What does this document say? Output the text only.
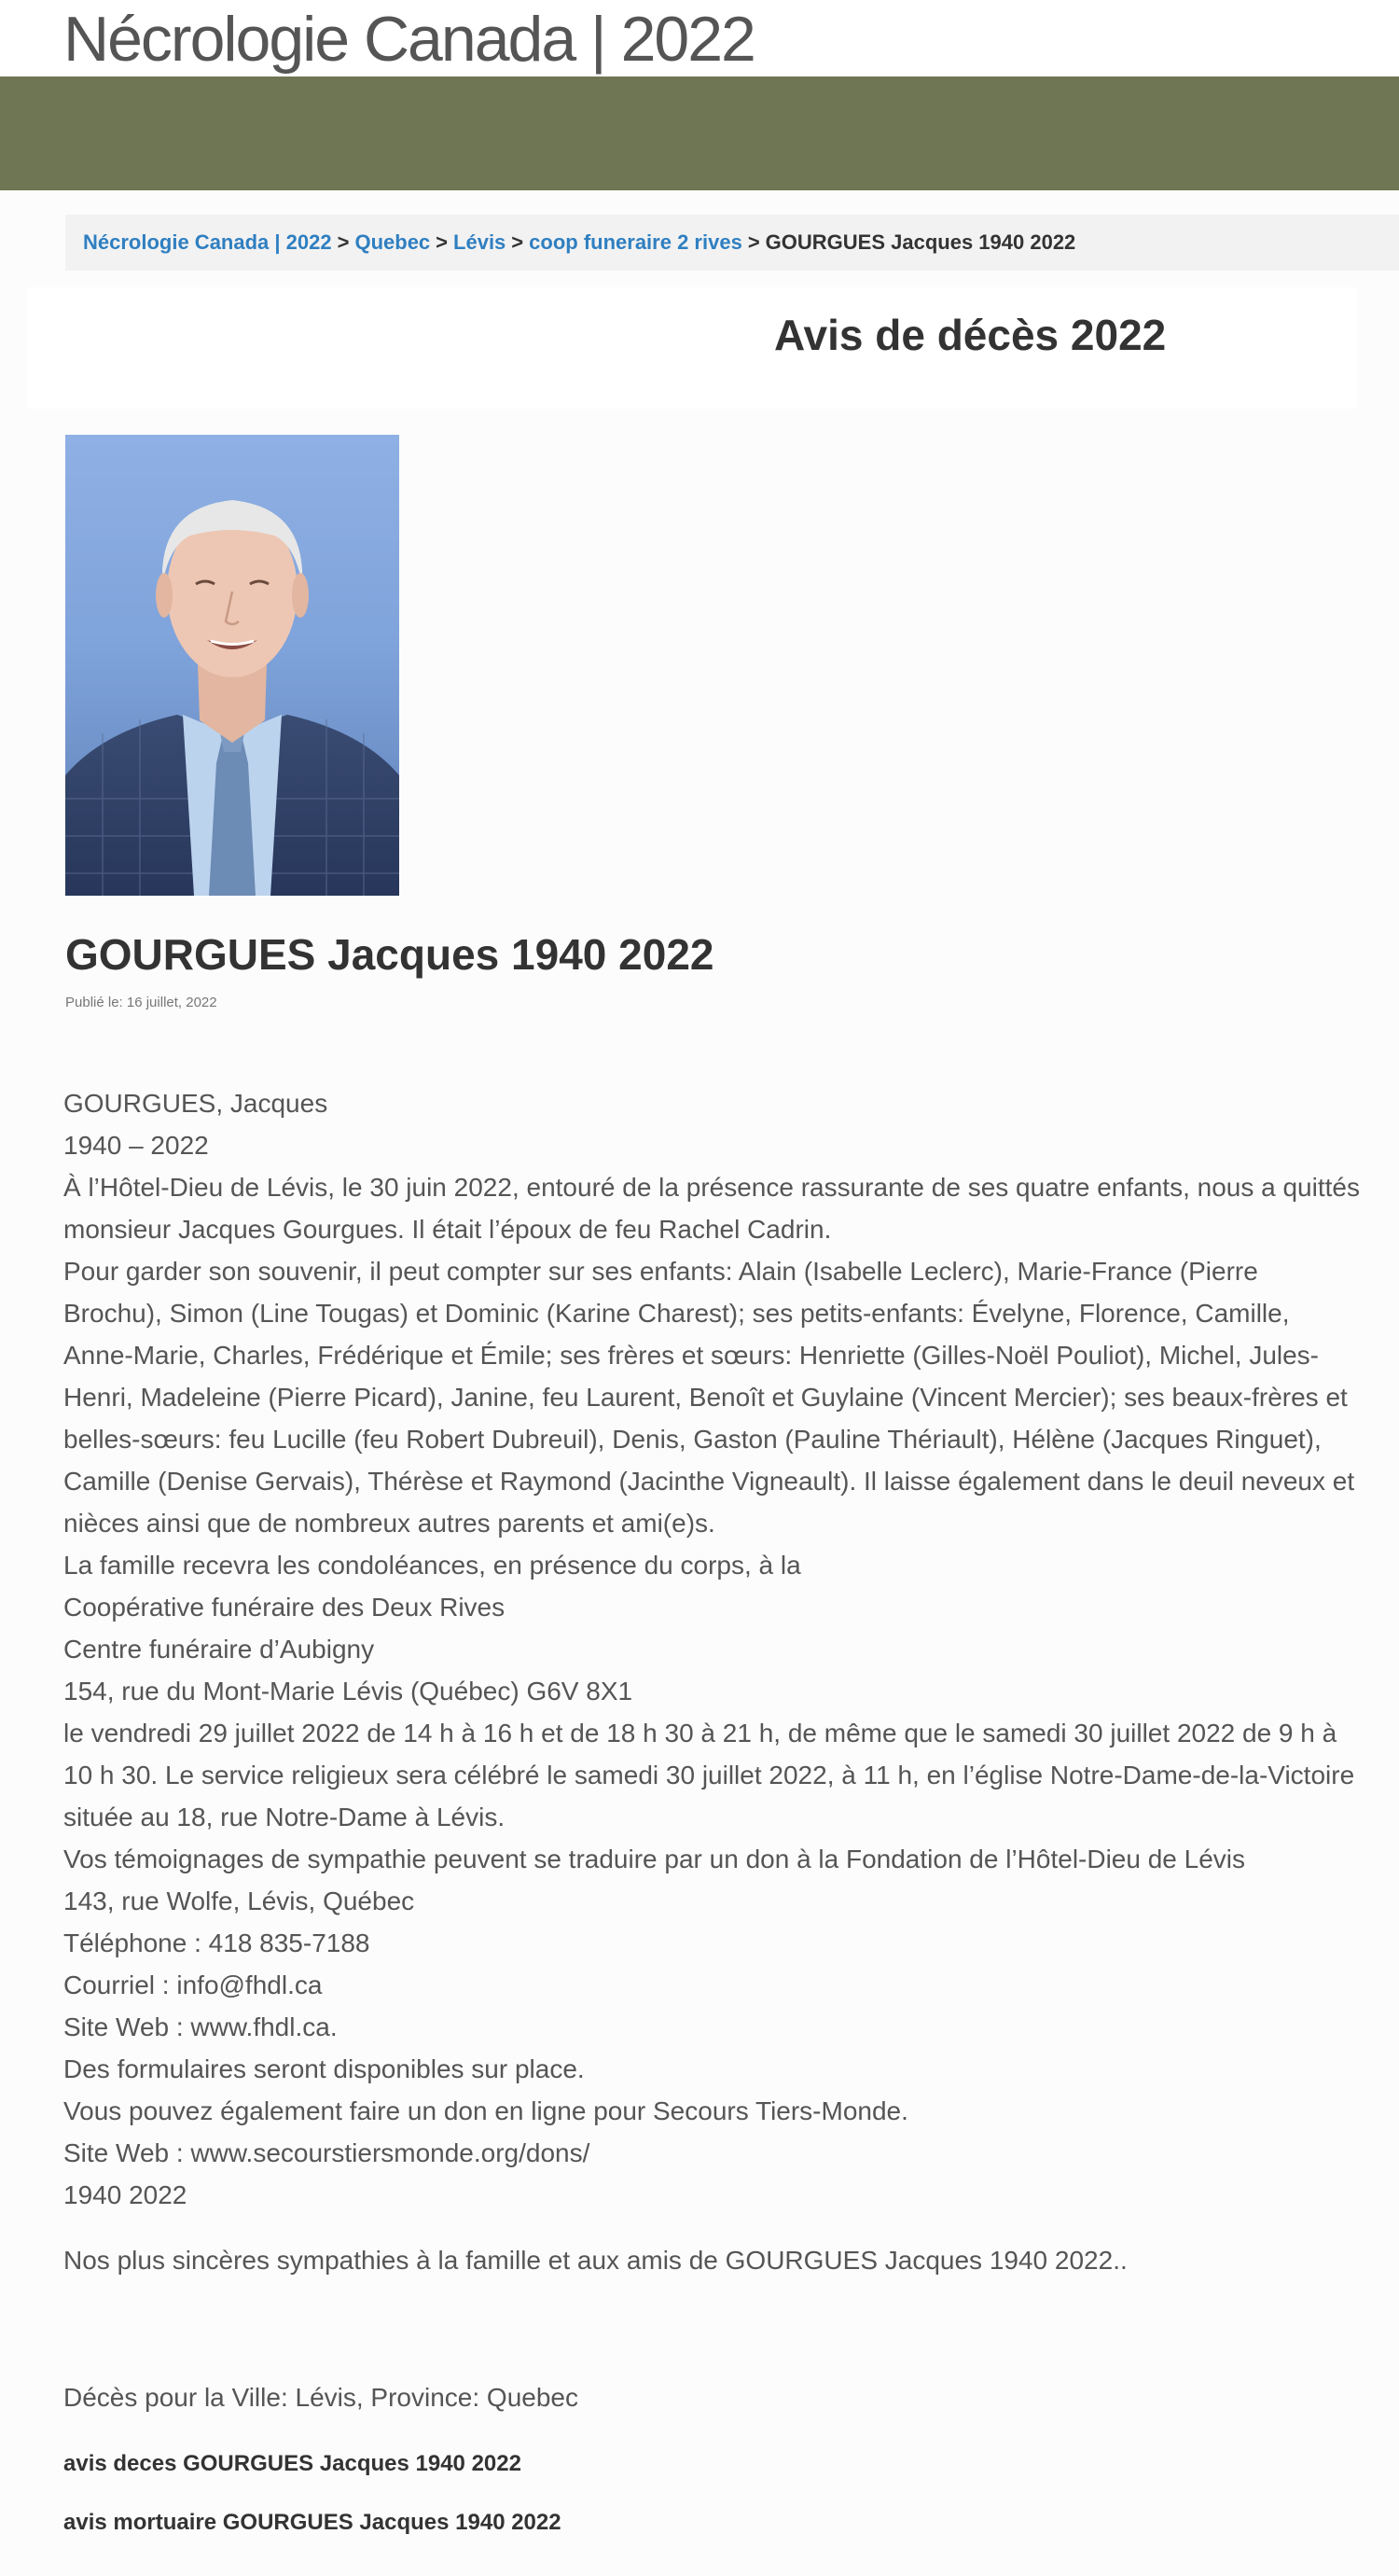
Nécrologie Canada | 2022
Nécrologie Canada | 2022 > Quebec > Lévis > coop funeraire 2 rives > GOURGUES Jacques 1940 2022
Avis de décès 2022
GOURGUES Jacques 1940 2022
Publié le: 16 juillet, 2022

GOURGUES, Jacques

1940 – 2022

À l’Hôtel-Dieu de Lévis, le 30 juin 2022, entouré de la présence rassurante de ses quatre enfants, nous a quittés monsieur Jacques Gourgues. Il était l’époux de feu Rachel Cadrin.

Pour garder son souvenir, il peut compter sur ses enfants: Alain (Isabelle Leclerc), Marie-France (Pierre Brochu), Simon (Line Tougas) et Dominic (Karine Charest); ses petits-enfants: Évelyne, Florence, Camille, Anne-Marie, Charles, Frédérique et Émile; ses frères et sœurs: Henriette (Gilles-Noël Pouliot), Michel, Jules-Henri, Madeleine (Pierre Picard), Janine, feu Laurent, Benoît et Guylaine (Vincent Mercier); ses beaux-frères et belles-sœurs: feu Lucille (feu Robert Dubreuil), Denis, Gaston (Pauline Thériault), Hélène (Jacques Ringuet), Camille (Denise Gervais), Thérèse et Raymond (Jacinthe Vigneault). Il laisse également dans le deuil neveux et nièces ainsi que de nombreux autres parents et ami(e)s.

La famille recevra les condoléances, en présence du corps, à la

Coopérative funéraire des Deux Rives

Centre funéraire d’Aubigny

154, rue du Mont-Marie Lévis (Québec) G6V 8X1

le vendredi 29 juillet 2022 de 14 h à 16 h et de 18 h 30 à 21 h, de même que le samedi 30 juillet 2022 de 9 h à 10 h 30. Le service religieux sera célébré le samedi 30 juillet 2022, à 11 h, en l’église Notre-Dame-de-la-Victoire située au 18, rue Notre-Dame à Lévis.

Vos témoignages de sympathie peuvent se traduire par un don à la Fondation de l’Hôtel-Dieu de Lévis

143, rue Wolfe, Lévis, Québec

Téléphone : 418 835-7188

Courriel : info@fhdl.ca

Site Web : www.fhdl.ca.

Des formulaires seront disponibles sur place.

Vous pouvez également faire un don en ligne pour Secours Tiers-Monde.

Site Web : www.secourstiersmonde.org/dons/

1940 2022

Nos plus sincères sympathies à la famille et aux amis de GOURGUES Jacques 1940 2022..

Décès pour la Ville: Lévis, Province: Quebec

avis deces GOURGUES Jacques 1940 2022
avis mortuaire GOURGUES Jacques 1940 2022
